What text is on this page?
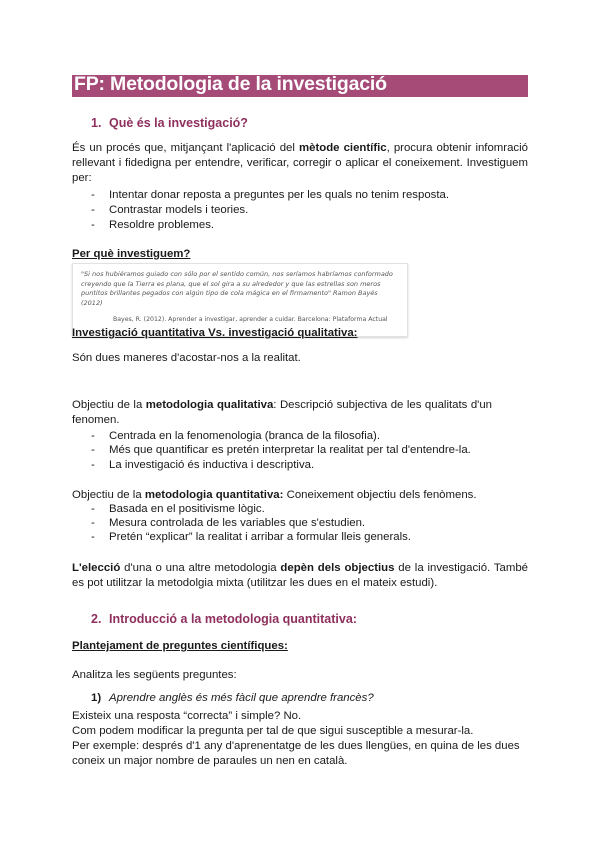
FP: Metodologia de la investigació
1. Què és la investigació?
És un procés que, mitjançant l'aplicació del mètode científic, procura obtenir infomració rellevant i fidedigna per entendre, verificar, corregir o aplicar el coneixement. Investiguem per:
- Intentar donar reposta a preguntes per les quals no tenim resposta.
- Contrastar models i teories.
- Resoldre problemes.
Per què investiguem?
"Si nos hubiéramos guiado con sólo por el sentido común, nos seríamos habríamos conformado creyendo que la Tierra es plana, que el sol gira a su alrededor y que las estrellas son meros puntitos brillantes pegados con algún tipo de cola mágica en el firmamento" Ramon Bayés (2012)
Bayes, R. (2012). Aprender a investigar, aprender a cuidar. Barcelona: Plataforma Actual
Investigació quantitativa Vs. investigació qualitativa:
Són dues maneres d'acostar-nos a la realitat.
Objectiu de la metodologia qualitativa: Descripció subjectiva de les qualitats d'un fenomen.
- Centrada en la fenomenologia (branca de la filosofia).
- Més que quantificar es pretén interpretar la realitat per tal d'entendre-la.
- La investigació és inductiva i descriptiva.
Objectiu de la metodologia quantitativa: Coneixement objectiu dels fenòmens.
- Basada en el positivisme lògic.
- Mesura controlada de les variables que s'estudien.
- Pretén “explicar” la realitat i arribar a formular lleis generals.
L'elecció d'una o una altre metodologia depèn dels objectius de la investigació. També es pot utilitzar la metodolgia mixta (utilitzar les dues en el mateix estudi).
2. Introducció a la metodologia quantitativa:
Plantejament de preguntes científiques:
Analitza les següents preguntes:
1) Aprendre anglès és més fàcil que aprendre francès?
Existeix una resposta “correcta” i simple? No.
Com podem modificar la pregunta per tal de que sigui susceptible a mesurar-la.
Per exemple: després d'1 any d'aprenentatge de les dues llengües, en quina de les dues
coneix un major nombre de paraules un nen en català.
